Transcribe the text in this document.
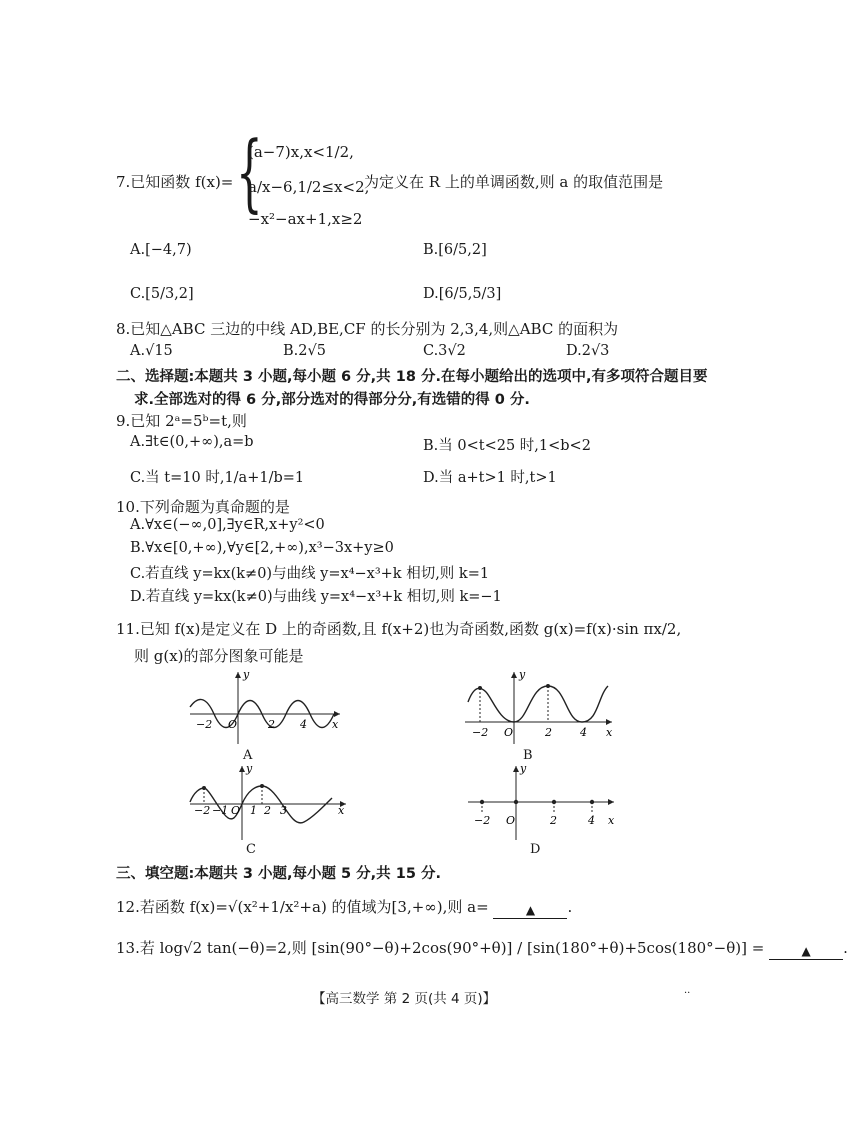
{
7.已知函数 f(x)=
(a−7)x,x<1/2,
a/x−6,1/2≤x<2,
−x²−ax+1,x≥2
为定义在 R 上的单调函数,则 a 的取值范围是
A.[−4,7)	B.[6/5,2]
C.[5/3,2]	D.[6/5,5/3]
8.已知△ABC 三边的中线 AD,BE,CF 的长分别为 2,3,4,则△ABC 的面积为
A.√15	B.2√5	C.3√2	D.2√3
二、选择题:本题共 3 小题,每小题 6 分,共 18 分.在每小题给出的选项中,有多项符合题目要
求.全部选对的得 6 分,部分选对的得部分分,有选错的得 0 分.
9.已知 2ᵃ=5ᵇ=t,则
A.∃t∈(0,+∞),a=b	B.当 0<t<25 时,1<b<2
C.当 t=10 时,1/a+1/b=1	D.当 a+t>1 时,t>1
10.下列命题为真命题的是
A.∀x∈(−∞,0],∃y∈R,x+y²<0
B.∀x∈[0,+∞),∀y∈[2,+∞),x³−3x+y≥0
C.若直线 y=kx(k≠0)与曲线 y=x⁴−x³+k 相切,则 k=1
D.若直线 y=kx(k≠0)与曲线 y=x⁴−x³+k 相切,则 k=−1
11.已知 f(x)是定义在 D 上的奇函数,且 f(x+2)也为奇函数,函数 g(x)=f(x)·sin πx/2,
则 g(x)的部分图象可能是
y
x
O
−2	2 4
A
y
x
O
−2	2	4
B
y
x
O
−2 −1 1 2 3
C
y
x
O
−2	2	4
D
三、填空题:本题共 3 小题,每小题 5 分,共 15 分.
12.若函数 f(x)=√(x²+1/x²+a) 的值域为[3,+∞),则 a=	▲ .
13.若 log√2 tan(−θ)=2,则 [sin(90°−θ)+2cos(90°+θ)] / [sin(180°+θ)+5cos(180°−θ)] =	▲ .
【高三数学 第 2 页(共 4 页)】	··
